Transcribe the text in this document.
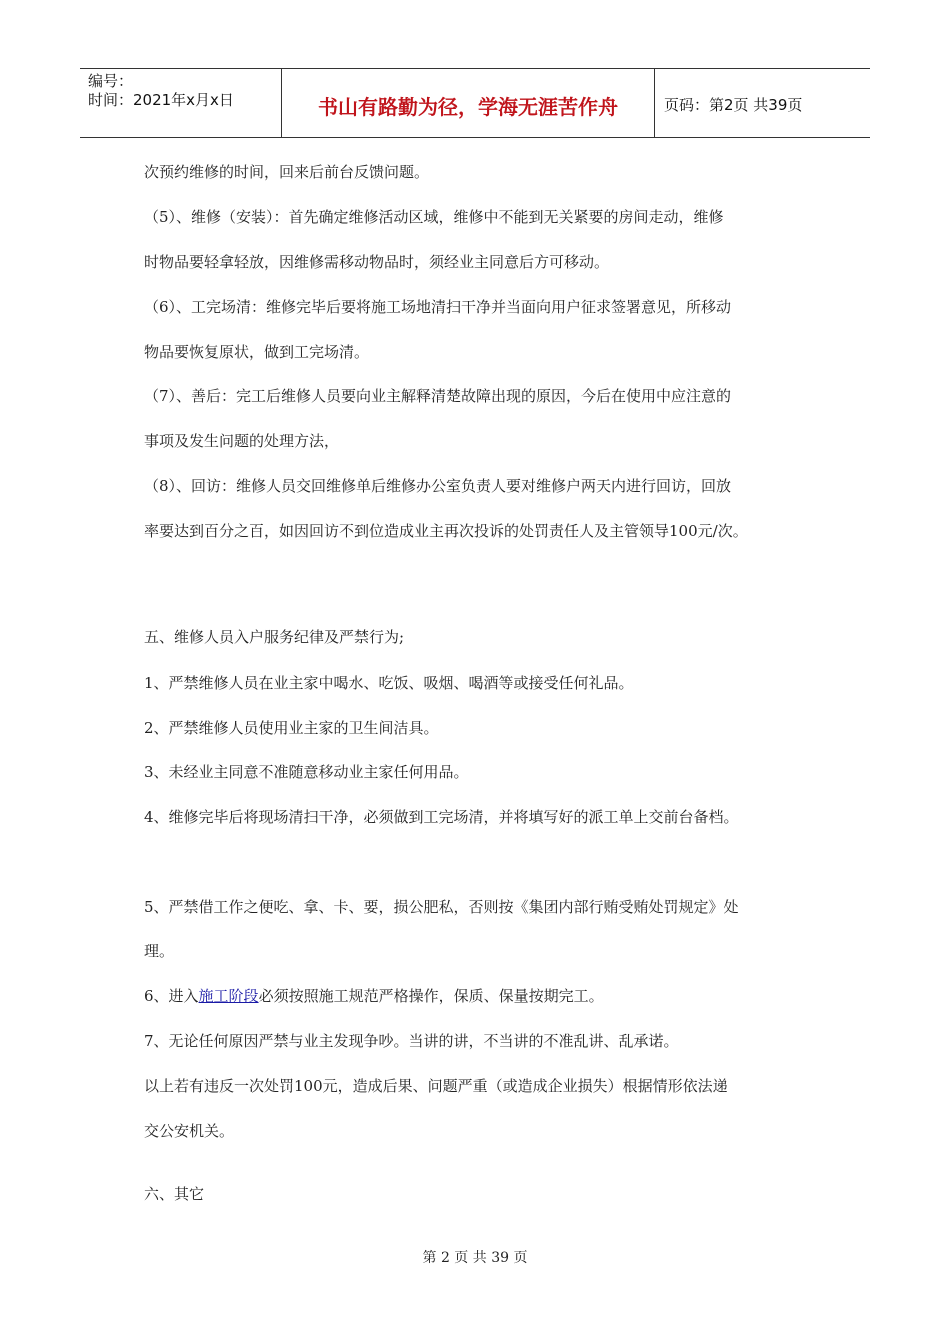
编号：
时间：2021年x月x日	书山有路勤为径，学海无涯苦作舟	页码：第2页 共39页
次预约维修的时间，回来后前台反馈问题。
（5）、维修（安装）：首先确定维修活动区域，维修中不能到无关紧要的房间走动，维修
时物品要轻拿轻放，因维修需移动物品时，须经业主同意后方可移动。
（6）、工完场清：维修完毕后要将施工场地清扫干净并当面向用户征求签署意见，所移动
物品要恢复原状，做到工完场清。
（7）、善后：完工后维修人员要向业主解释清楚故障出现的原因，今后在使用中应注意的
事项及发生问题的处理方法，
（8）、回访：维修人员交回维修单后维修办公室负责人要对维修户两天内进行回访，回放
率要达到百分之百，如因回访不到位造成业主再次投诉的处罚责任人及主管领导100元/次。
五、维修人员入户服务纪律及严禁行为;
1、严禁维修人员在业主家中喝水、吃饭、吸烟、喝酒等或接受任何礼品。
2、严禁维修人员使用业主家的卫生间洁具。
3、未经业主同意不准随意移动业主家任何用品。
4、维修完毕后将现场清扫干净，必须做到工完场清，并将填写好的派工单上交前台备档。
5、严禁借工作之便吃、拿、卡、要，损公肥私，否则按《集团内部行贿受贿处罚规定》处
理。
6、进入施工阶段必须按照施工规范严格操作，保质、保量按期完工。
7、无论任何原因严禁与业主发现争吵。当讲的讲，不当讲的不准乱讲、乱承诺。
以上若有违反一次处罚100元，造成后果、问题严重（或造成企业损失）根据情形依法递
交公安机关。
六、其它
第 2 页 共 39 页
